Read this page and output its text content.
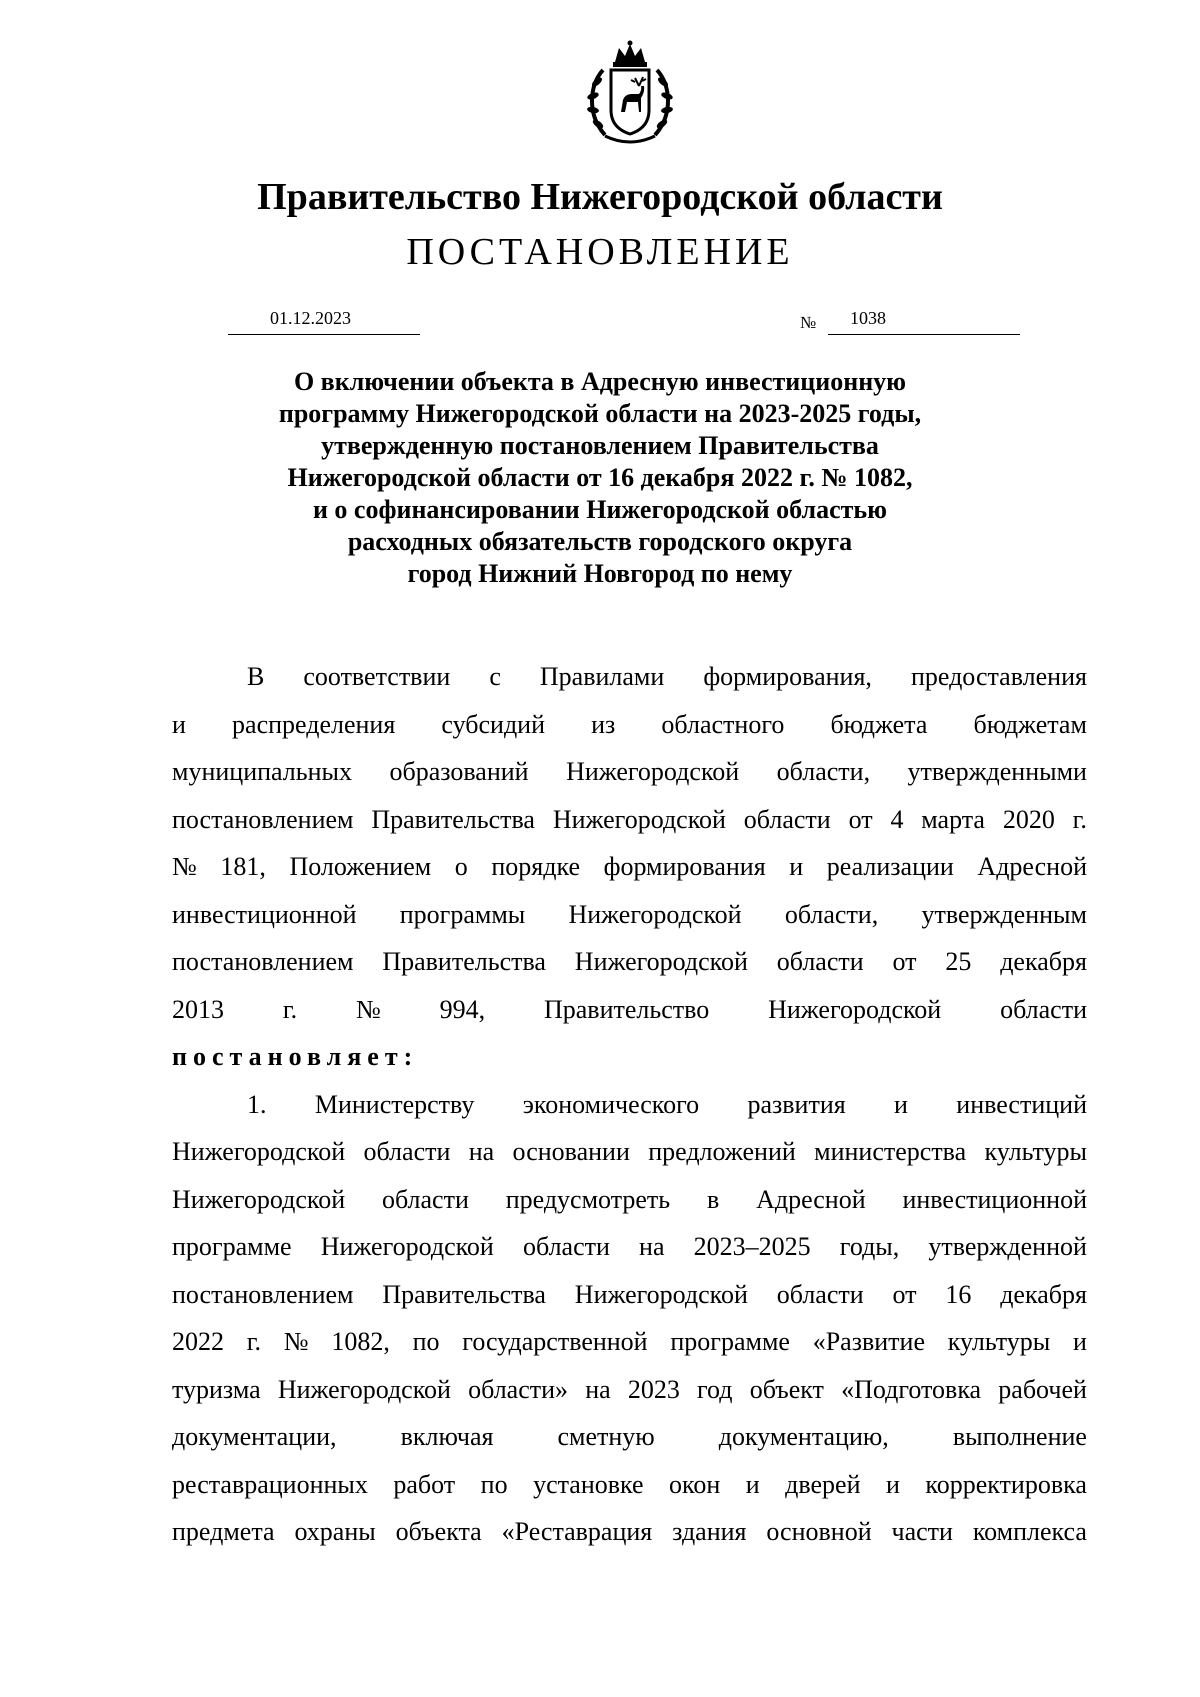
Правительство Нижегородской области
ПОСТАНОВЛЕНИЕ
01.12.2023	№	1038
О включении объекта в Адресную инвестиционную
программу Нижегородской области на 2023-2025 годы,
утвержденную постановлением Правительства
Нижегородской области от 16 декабря 2022 г. № 1082,
и о софинансировании Нижегородской областью
расходных обязательств городского округа
город Нижний Новгород по нему
В соответствии с Правилами формирования, предоставления
и распределения субсидий из областного бюджета бюджетам
муниципальных образований Нижегородской области, утвержденными
постановлением Правительства Нижегородской области от 4 марта 2020 г.
№ 181, Положением о порядке формирования и реализации Адресной
инвестиционной программы Нижегородской области, утвержденным
постановлением Правительства Нижегородской области от 25 декабря
2013 г. № 994, Правительство Нижегородской области
постановляет:
1. Министерству экономического развития и инвестиций
Нижегородской области на основании предложений министерства культуры
Нижегородской области предусмотреть в Адресной инвестиционной
программе Нижегородской области на 2023–2025 годы, утвержденной
постановлением Правительства Нижегородской области от 16 декабря
2022 г. № 1082, по государственной программе «Развитие культуры и
туризма Нижегородской области» на 2023 год объект «Подготовка рабочей
документации, включая сметную документацию, выполнение
реставрационных работ по установке окон и дверей и корректировка
предмета охраны объекта «Реставрация здания основной части комплекса
